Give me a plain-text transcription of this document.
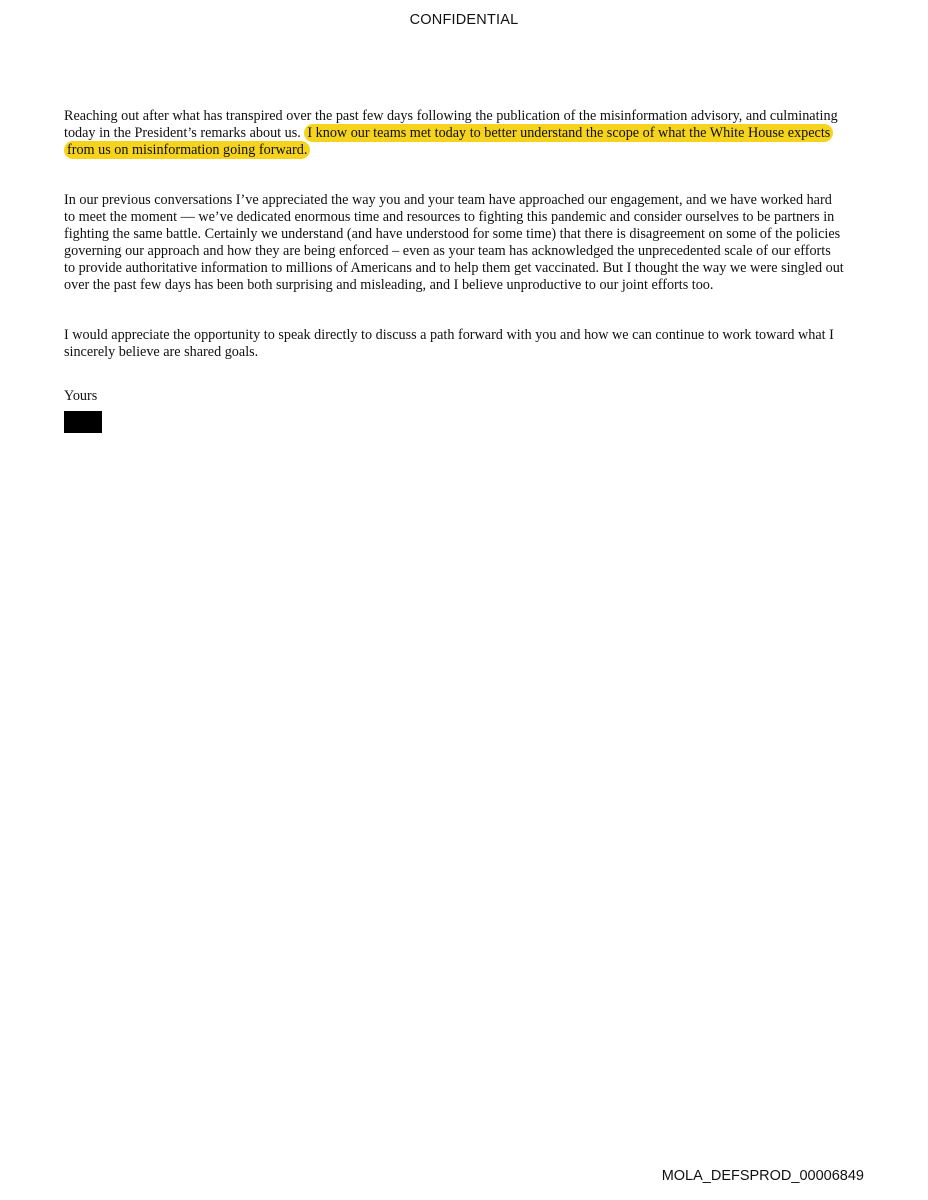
CONFIDENTIAL

Reaching out after what has transpired over the past few days following the publication of the misinformation advisory, and culminating today in the President’s remarks about us. I know our teams met today to better understand the scope of what the White House expects from us on misinformation going forward.

In our previous conversations I’ve appreciated the way you and your team have approached our engagement, and we have worked hard to meet the moment — we’ve dedicated enormous time and resources to fighting this pandemic and consider ourselves to be partners in fighting the same battle. Certainly we understand (and have understood for some time) that there is disagreement on some of the policies governing our approach and how they are being enforced – even as your team has acknowledged the unprecedented scale of our efforts to provide authoritative information to millions of Americans and to help them get vaccinated. But I thought the way we were singled out over the past few days has been both surprising and misleading, and I believe unproductive to our joint efforts too.

I would appreciate the opportunity to speak directly to discuss a path forward with you and how we can continue to work toward what I sincerely believe are shared goals.

Yours

MOLA_DEFSPROD_00006849
